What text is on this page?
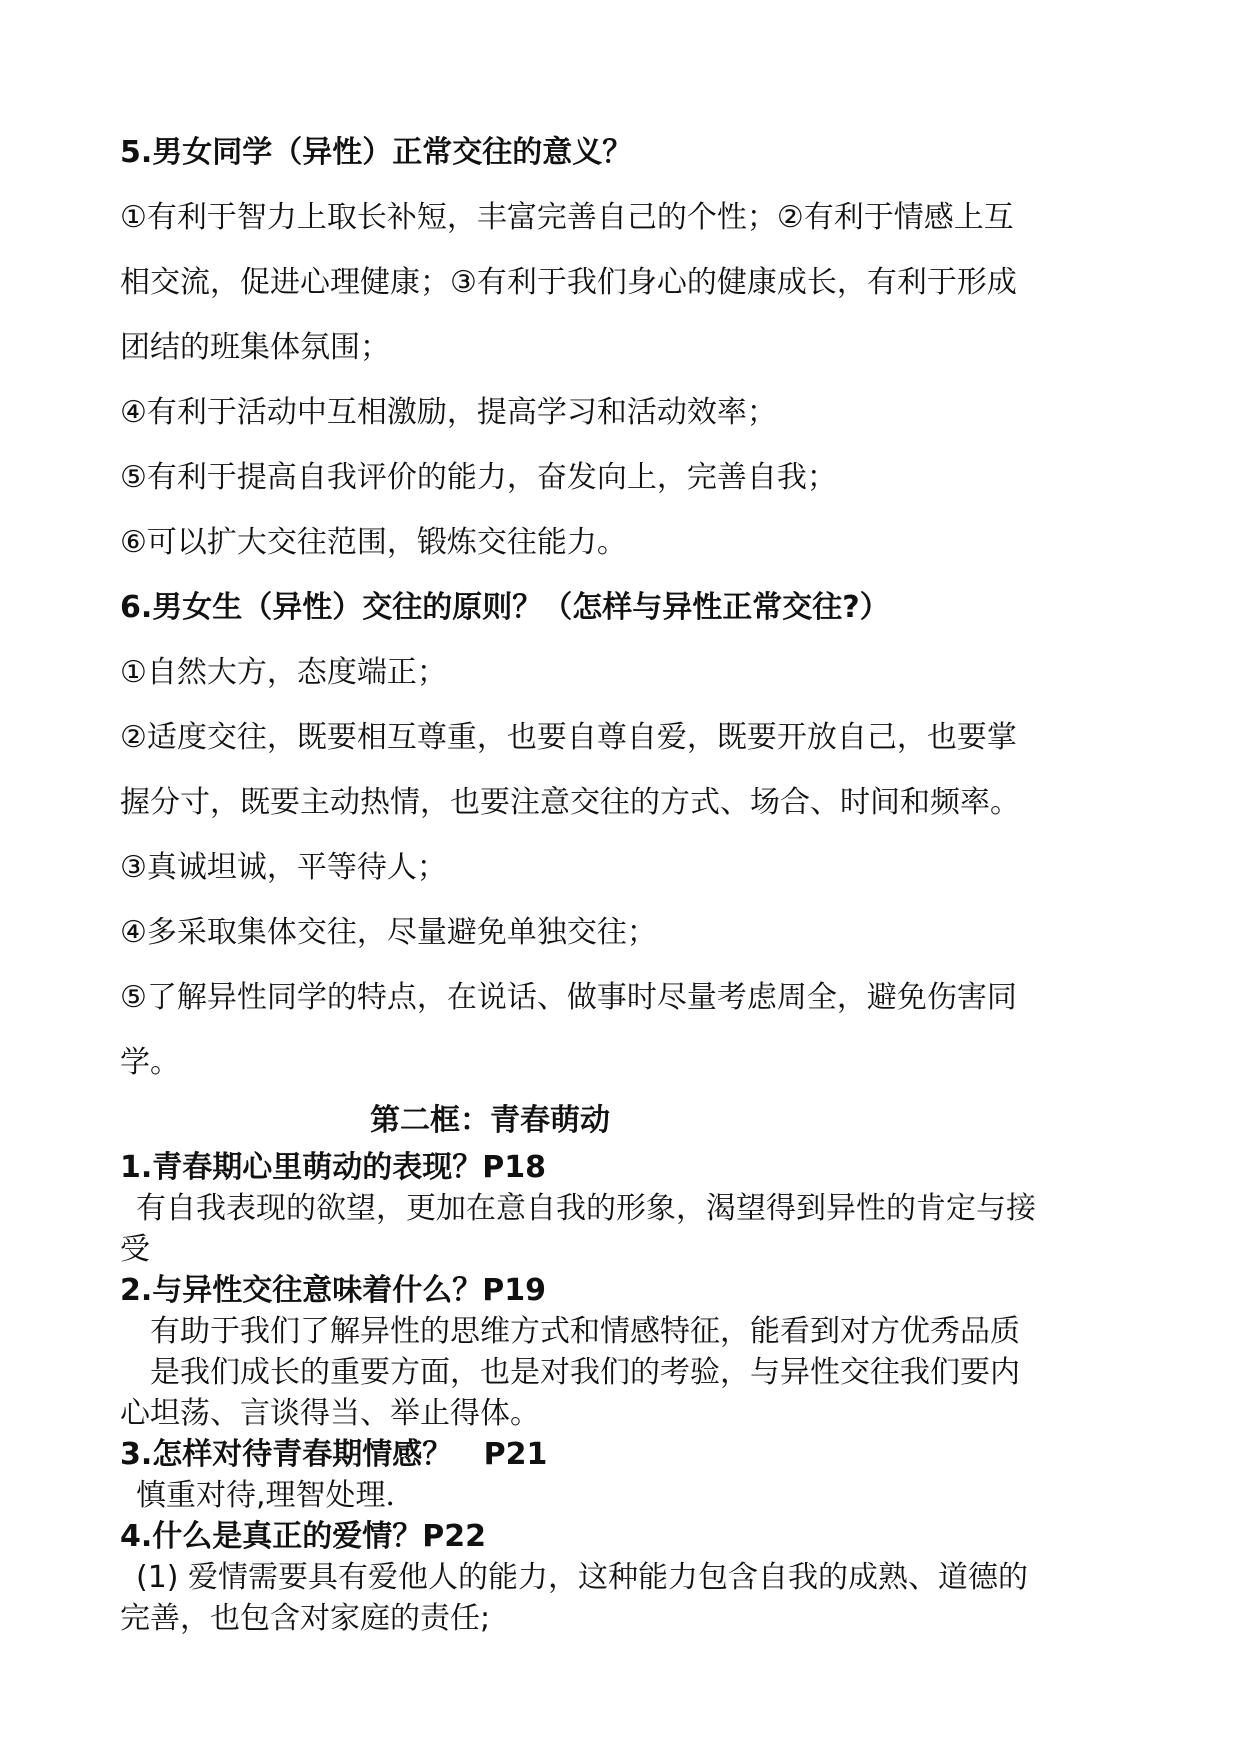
5.男女同学（异性）正常交往的意义？
①有利于智力上取长补短，丰富完善自己的个性；②有利于情感上互
相交流，促进心理健康；③有利于我们身心的健康成长，有利于形成
团结的班集体氛围；
④有利于活动中互相激励，提高学习和活动效率；
⑤有利于提高自我评价的能力，奋发向上，完善自我；
⑥可以扩大交往范围，锻炼交往能力。
6.男女生（异性）交往的原则？（怎样与异性正常交往?）
①自然大方，态度端正；
②适度交往，既要相互尊重，也要自尊自爱，既要开放自己，也要掌
握分寸，既要主动热情，也要注意交往的方式、场合、时间和频率。
③真诚坦诚，平等待人；
④多采取集体交往，尽量避免单独交往；
⑤了解异性同学的特点，在说话、做事时尽量考虑周全，避免伤害同
学。
第二框：青春萌动
1.青春期心里萌动的表现？P18
有自我表现的欲望，更加在意自我的形象，渴望得到异性的肯定与接
受
2.与异性交往意味着什么？P19
有助于我们了解异性的思维方式和情感特征，能看到对方优秀品质
是我们成长的重要方面，也是对我们的考验，与异性交往我们要内
心坦荡、言谈得当、举止得体。
3.怎样对待青春期情感？   P21
慎重对待,理智处理．
4.什么是真正的爱情？P22
(1) 爱情需要具有爱他人的能力，这种能力包含自我的成熟、道德的
完善，也包含对家庭的责任;
